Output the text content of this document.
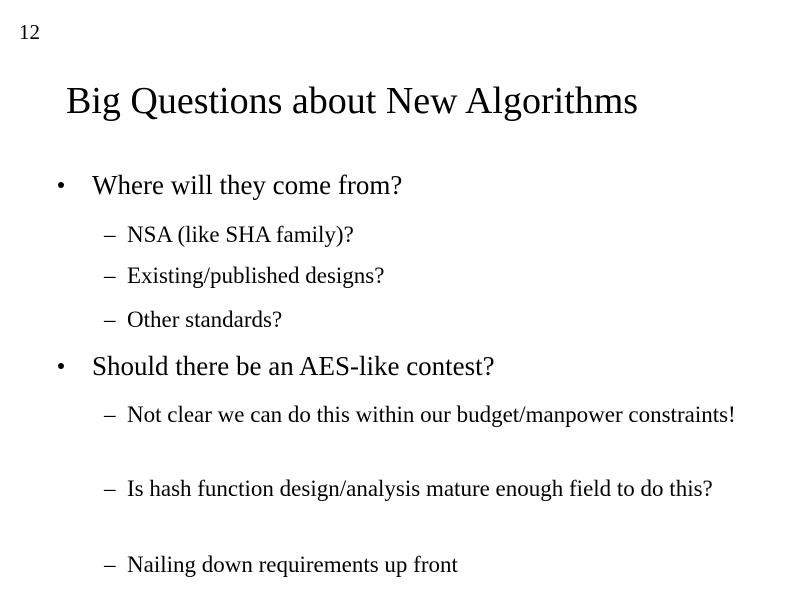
12
Big Questions about New Algorithms
Where will they come from?
– NSA (like SHA family)?
– Existing/published designs?
– Other standards?
Should there be an AES-like contest?
– Not clear we can do this within our budget/manpower constraints!
– Is hash function design/analysis mature enough field to do this?
– Nailing down requirements up front
